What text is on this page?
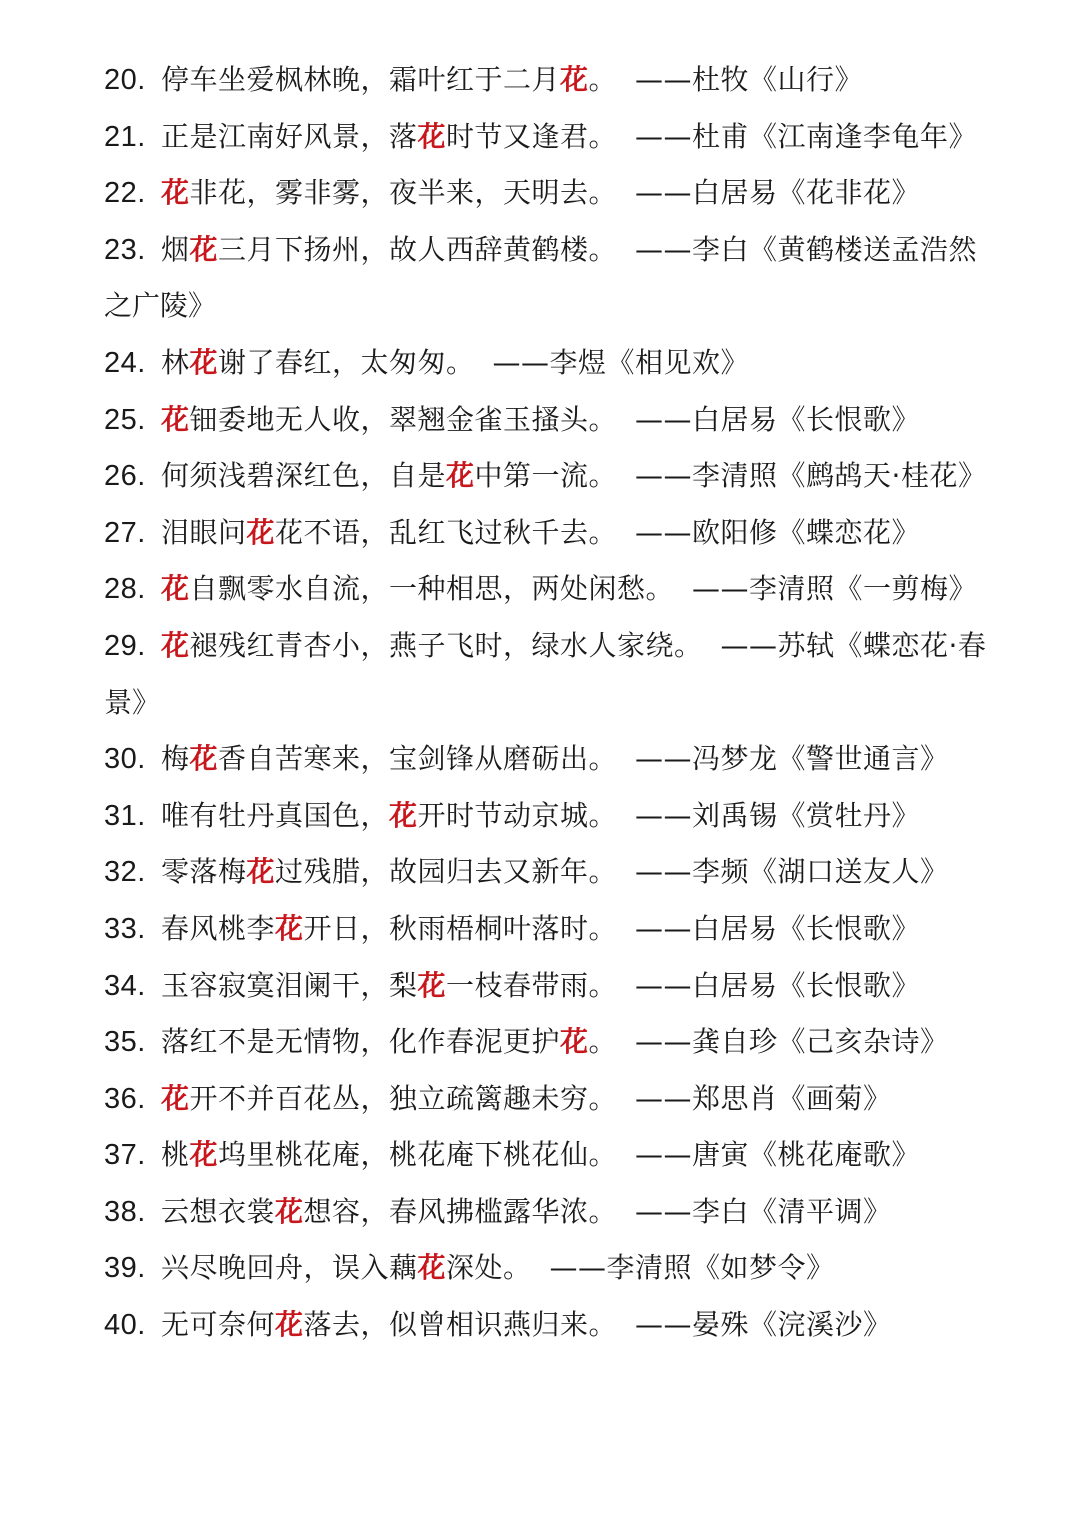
20. 停车坐爱枫林晚，霜叶红于二月花。 ——杜牧《山行》
21. 正是江南好风景，落花时节又逢君。 ——杜甫《江南逢李龟年》
22. 花非花，雾非雾，夜半来，天明去。 ——白居易《花非花》
23. 烟花三月下扬州，故人西辞黄鹤楼。 ——李白《黄鹤楼送孟浩然
之广陵》
24. 林花谢了春红，太匆匆。 ——李煜《相见欢》
25. 花钿委地无人收，翠翘金雀玉搔头。 ——白居易《长恨歌》
26. 何须浅碧深红色，自是花中第一流。 ——李清照《鹧鸪天·桂花》
27. 泪眼问花花不语，乱红飞过秋千去。 ——欧阳修《蝶恋花》
28. 花自飘零水自流，一种相思，两处闲愁。 ——李清照《一剪梅》
29. 花褪残红青杏小，燕子飞时，绿水人家绕。 ——苏轼《蝶恋花·春
景》
30. 梅花香自苦寒来，宝剑锋从磨砺出。 ——冯梦龙《警世通言》
31. 唯有牡丹真国色，花开时节动京城。 ——刘禹锡《赏牡丹》
32. 零落梅花过残腊，故园归去又新年。 ——李频《湖口送友人》
33. 春风桃李花开日，秋雨梧桐叶落时。 ——白居易《长恨歌》
34. 玉容寂寞泪阑干，梨花一枝春带雨。 ——白居易《长恨歌》
35. 落红不是无情物，化作春泥更护花。 ——龚自珍《己亥杂诗》
36. 花开不并百花丛，独立疏篱趣未穷。 ——郑思肖《画菊》
37. 桃花坞里桃花庵，桃花庵下桃花仙。 ——唐寅《桃花庵歌》
38. 云想衣裳花想容，春风拂槛露华浓。 ——李白《清平调》
39. 兴尽晚回舟，误入藕花深处。 ——李清照《如梦令》
40. 无可奈何花落去，似曾相识燕归来。 ——晏殊《浣溪沙》
